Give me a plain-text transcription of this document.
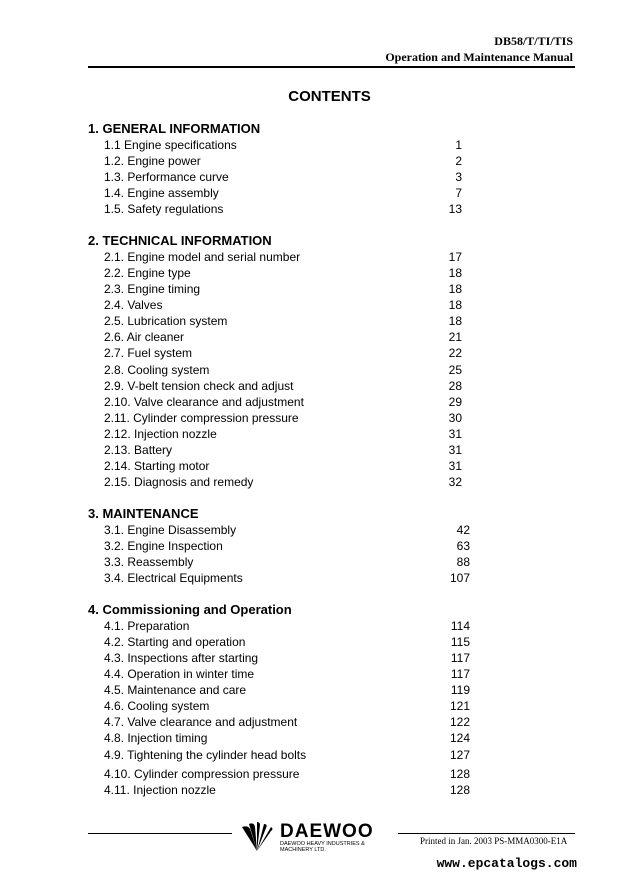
DB58/T/TI/TIS
Operation and Maintenance Manual
CONTENTS
1. GENERAL INFORMATION
1.1 Engine specifications	1
1.2. Engine power	2
1.3. Performance curve	3
1.4. Engine assembly	7
1.5. Safety regulations	13
2. TECHNICAL INFORMATION
2.1. Engine model and serial number	17
2.2. Engine type	18
2.3. Engine timing	18
2.4. Valves	18
2.5. Lubrication system	18
2.6. Air cleaner	21
2.7. Fuel system	22
2.8. Cooling system	25
2.9. V-belt tension check and adjust	28
2.10. Valve clearance and adjustment	29
2.11. Cylinder compression pressure	30
2.12. Injection nozzle	31
2.13. Battery	31
2.14. Starting motor	31
2.15. Diagnosis and remedy	32
3. MAINTENANCE
3.1. Engine Disassembly	42
3.2. Engine Inspection	63
3.3. Reassembly	88
3.4. Electrical Equipments	107
4. Commissioning and Operation
4.1. Preparation	114
4.2. Starting and operation	115
4.3. Inspections after starting	117
4.4. Operation in winter time	117
4.5. Maintenance and care	119
4.6. Cooling system	121
4.7. Valve clearance and adjustment	122
4.8. Injection timing	124
4.9. Tightening the cylinder head bolts	127
4.10. Cylinder compression pressure	128
4.11. Injection nozzle	128
DAEWOO
DAEWOO HEAVY INDUSTRIES & MACHINERY LTD.
Printed in Jan. 2003 PS-MMA0300-E1A
www.epcatalogs.com
